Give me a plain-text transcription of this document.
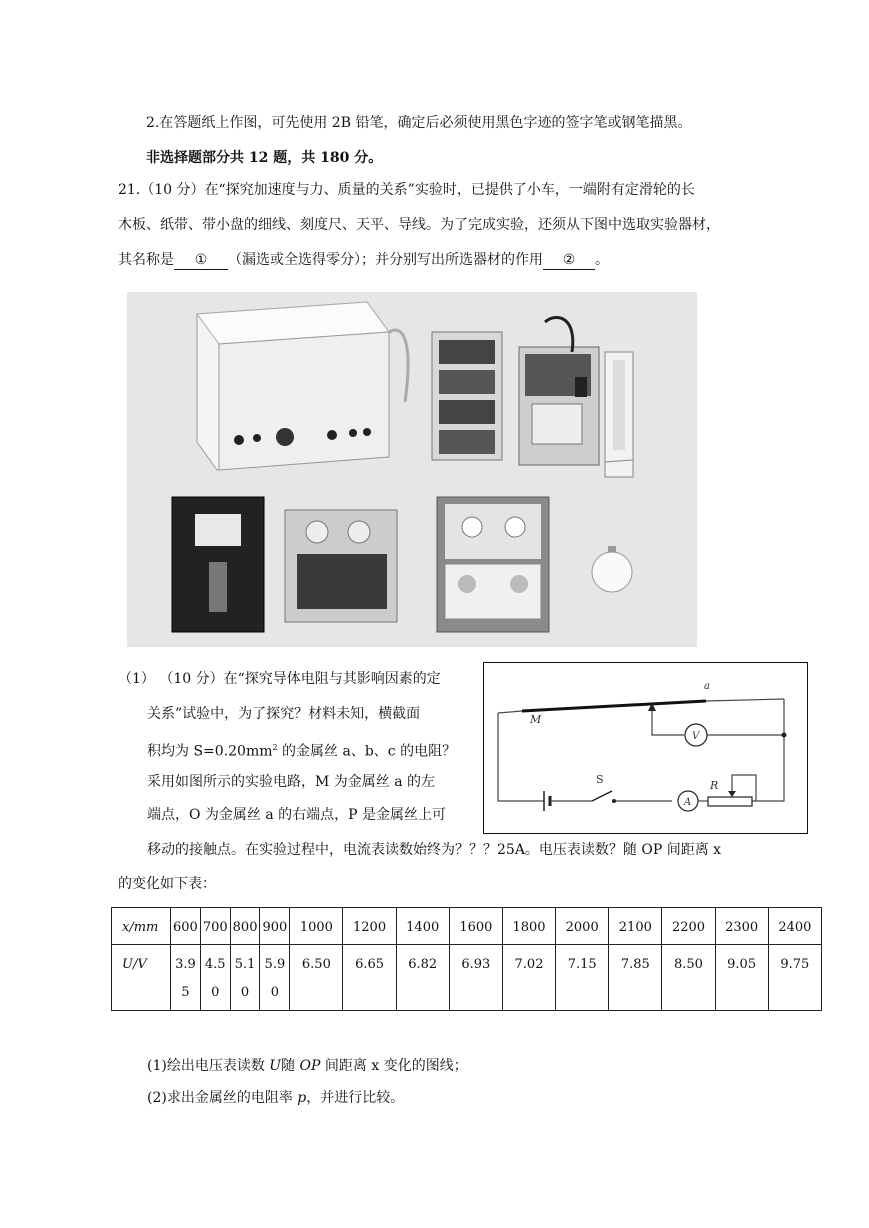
2.在答题纸上作图，可先使用 2B 铅笔，确定后必须使用黑色字迹的签字笔或钢笔描黑。
非选择题部分共 12 题，共 180 分。
21.（10 分）在“探究加速度与力、质量的关系”实验时，已提供了小车，一端附有定滑轮的长
木板、纸带、带小盘的细线、刻度尺、天平、导线。为了完成实验，还须从下图中选取实验器材，
其名称是 ① （漏选或全选得零分）；并分别写出所选器材的作用 ② 。
（1） （10 分）在“探究导体电阻与其影响因素的定
关系”试验中，为了探究？材料未知，横截面
积均为 $S=0.20mm^2$ 的金属丝 a、b、c 的电阻？
采用如图所示的实验电路，M 为金属丝 a 的左
端点，O 为金属丝 a 的右端点，P 是金属丝上可
移动的接触点。在实验过程中，电流表读数始终为？？？25A。电压表读数？随 OP 间距离 x
的变化如下表：
a
M
S
A
R
V
x/mm	600	700	800	900	1000	1200	1400	1600	1800	2000	2100	2200	2300	2400
U/V	3.9 5	4.5 0	5.1 0	5.9 0	6.50	6.65	6.82	6.93	7.02	7.15	7.85	8.50	9.05	9.75
(1)绘出电压表读数 U随 OP 间距离 x 变化的图线；
(2)求出金属丝的电阻率 p，并进行比较。
